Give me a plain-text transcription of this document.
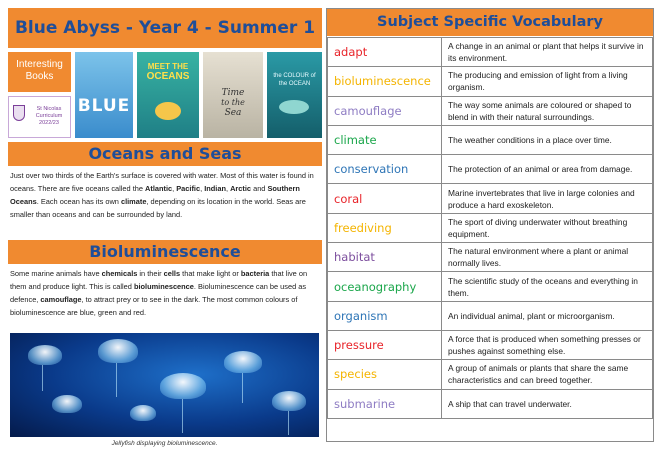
Blue Abyss - Year 4 - Summer 1
Interesting
Books
St Nicolas
Curriculum
2022/23
BLUE
MEET THE
OCEANS
Time
to the
Sea
the COLOUR of the OCEAN
Oceans and Seas
Just over two thirds of the Earth's surface is covered with water. Most of this water is found in oceans. There are five oceans called the Atlantic, Pacific, Indian, Arctic and Southern Oceans. Each ocean has its own climate, depending on its location in the world. Seas are smaller than oceans and can be surrounded by land.
Bioluminescence
Some marine animals have chemicals in their cells that make light or bacteria that live on them and produce light. This is called bioluminescence. Bioluminescence can be used as defence, camouflage, to attract prey or to see in the dark. The most common colours of bioluminescence are blue, green and red.
Jellyfish displaying bioluminescence.
Subject Specific Vocabulary
adapt	A change in an animal or plant that helps it survive in its environment.
bioluminescence	The producing and emission of light from a living organism.
camouflage	The way some animals are coloured or shaped to blend in with their natural surroundings.
climate	The weather conditions in a place over time.
conservation	The protection of an animal or area from damage.
coral	Marine invertebrates that live in large colonies and produce a hard exoskeleton.
freediving	The sport of diving underwater without breathing equipment.
habitat	The natural environment where a plant or animal normally lives.
oceanography	The scientific study of the oceans and everything in them.
organism	An individual animal, plant or microorganism.
pressure	A force that is produced when something presses or pushes against something else.
species	A group of animals or plants that share the same characteristics and can breed together.
submarine	A ship that can travel underwater.
